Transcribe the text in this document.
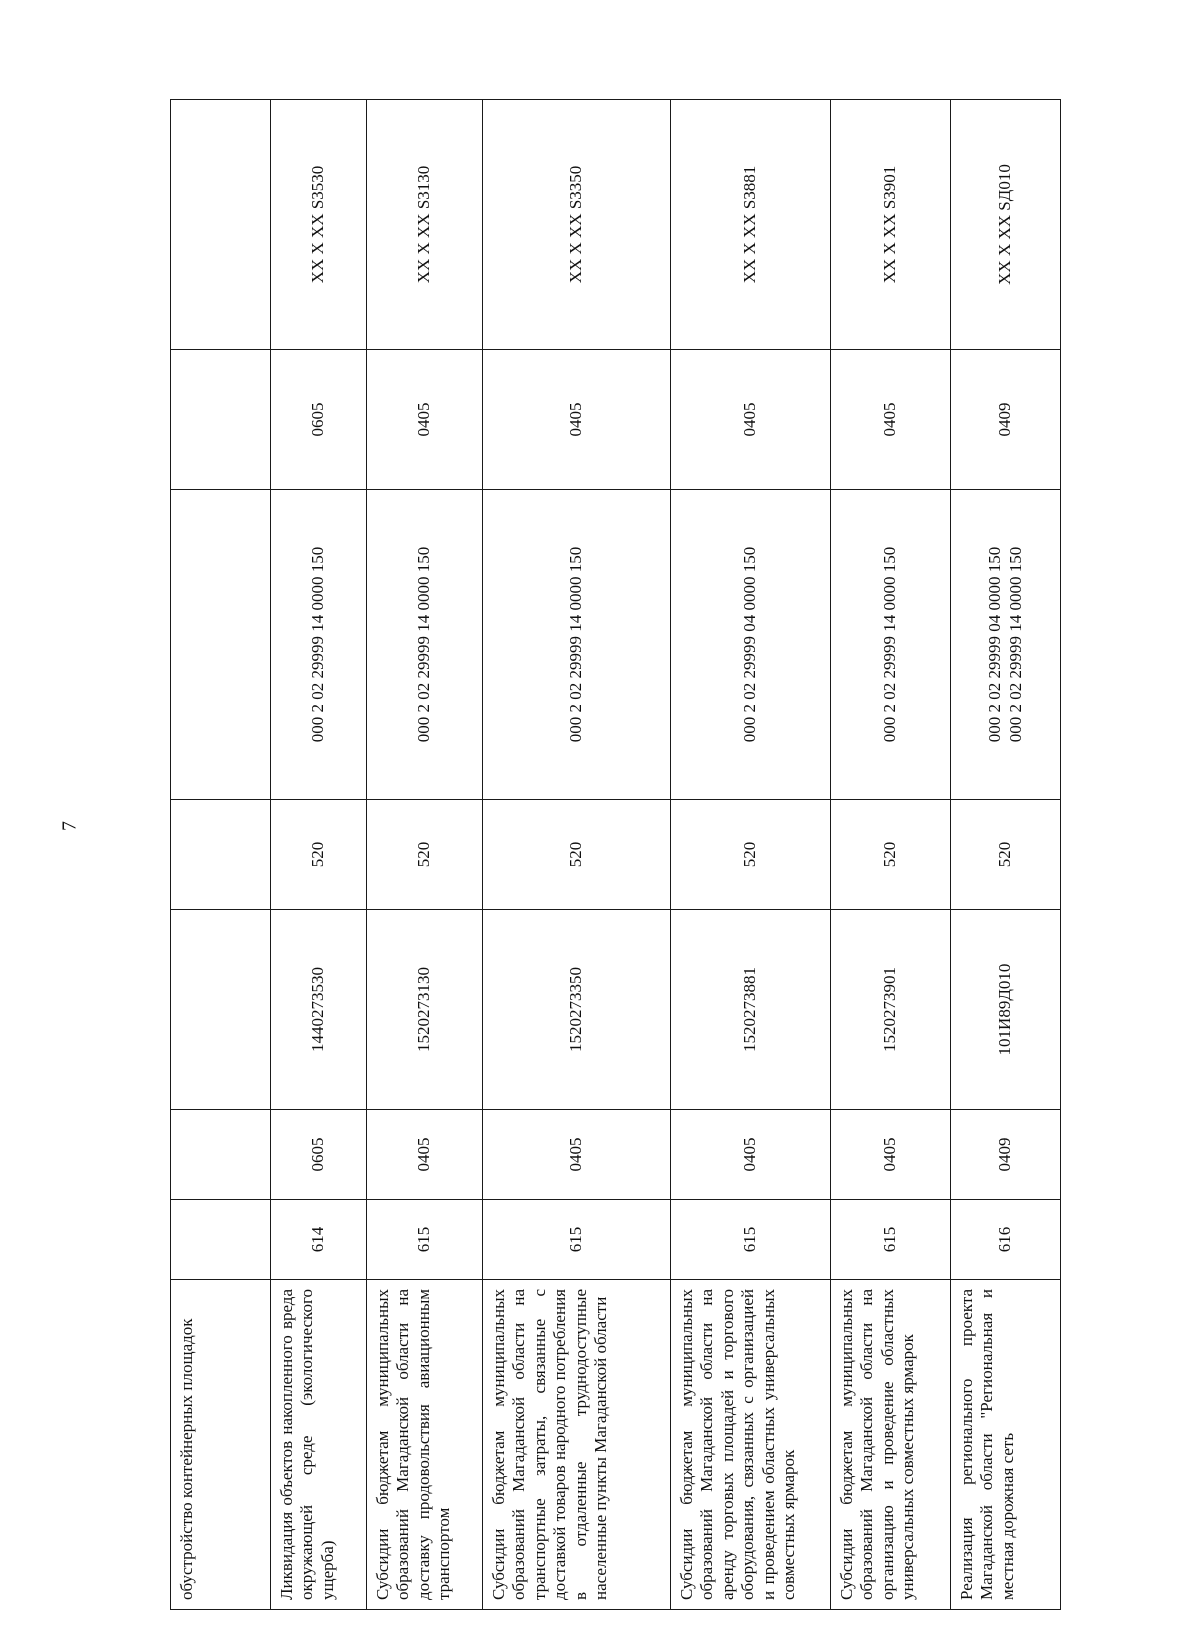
7
обустройство контейнерных площадок							
Ликвидация объектов накопленного вреда окружающей среде (экологического ущерба)	614	0605	1440273530	520	000 2 02 29999 14 0000 150	0605	XX X XX S3530
Субсидии бюджетам муниципальных образований Магаданской области на доставку продовольствия авиационным транспортом	615	0405	1520273130	520	000 2 02 29999 14 0000 150	0405	XX X XX S3130
Субсидии бюджетам муниципальных образований Магаданской области на транспортные затраты, связанные с доставкой товаров народного потребления в отдаленные труднодоступные населенные пункты Магаданской области	615	0405	1520273350	520	000 2 02 29999 14 0000 150	0405	XX X XX S3350
Субсидии бюджетам муниципальных образований Магаданской области на аренду торговых площадей и торгового оборудования, связанных с организацией и проведением областных универсальных совместных ярмарок	615	0405	1520273881	520	000 2 02 29999 04 0000 150	0405	XX X XX S3881
Субсидии бюджетам муниципальных образований Магаданской области на организацию и проведение областных универсальных совместных ярмарок	615	0405	1520273901	520	000 2 02 29999 14 0000 150	0405	XX X XX S3901
Реализация регионального проекта Магаданской области "Региональная и местная дорожная сеть	616	0409	101И89Д010	520	000 2 02 29999 04 0000 150 000 2 02 29999 14 0000 150	0409	XX X XX SД010
